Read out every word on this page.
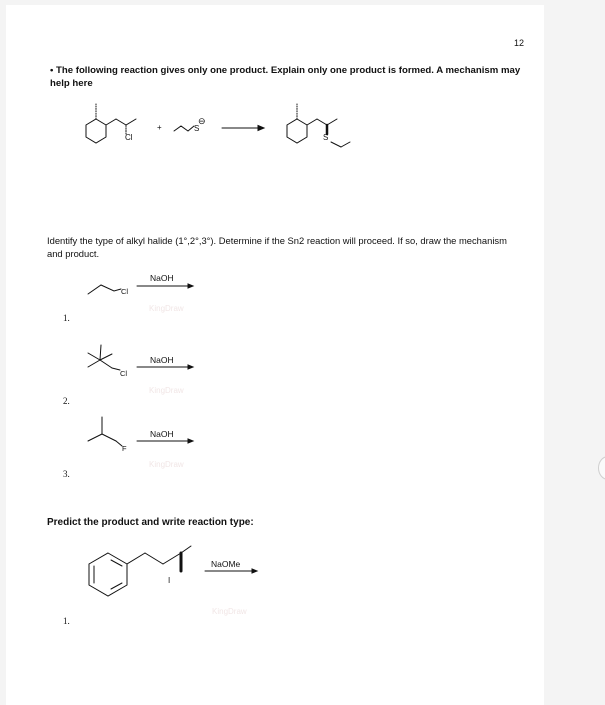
12
• The following reaction gives only one product. Explain only one product is formed. A mechanism may help here
Cl
+
⊖
S
S
Identify the type of alkyl halide (1°,2°,3°). Determine if the Sn2 reaction will proceed. If so, draw the mechanism and product.
Cl
NaOH
KingDraw
1.
Cl
NaOH
KingDraw
2.
F
NaOH
KingDraw
3.
Predict the product and write reaction type:
I
NaOMe
KingDraw
1.
